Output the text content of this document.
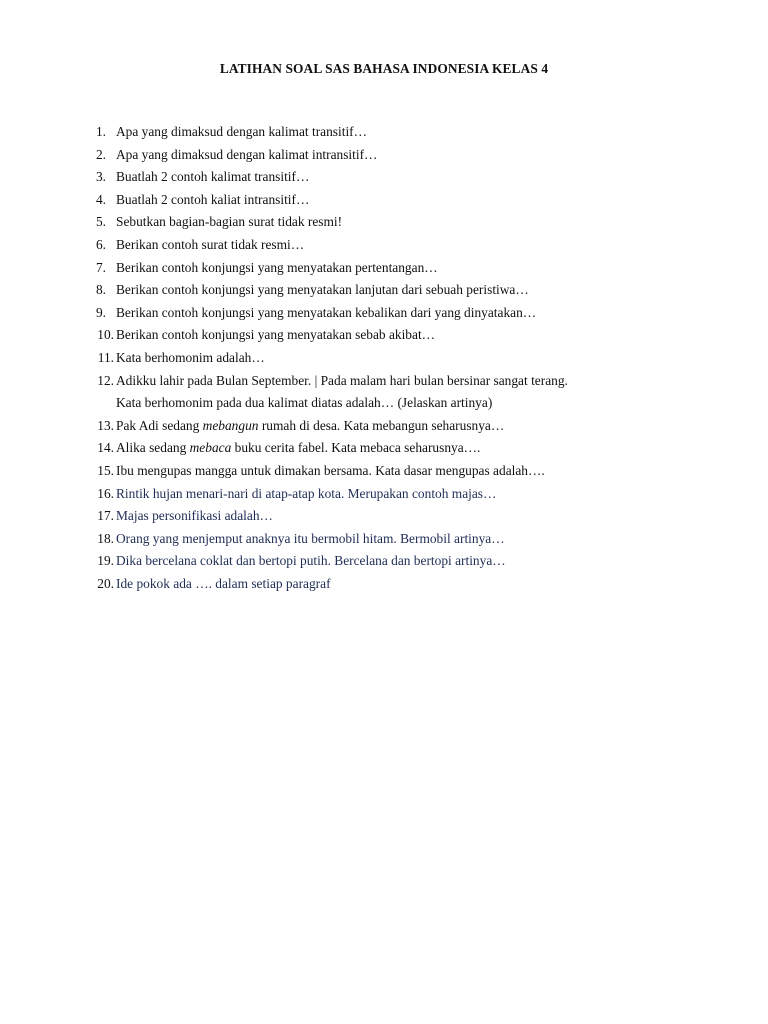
LATIHAN SOAL SAS BAHASA INDONESIA KELAS 4
1. Apa yang dimaksud dengan kalimat transitif…
2. Apa yang dimaksud dengan kalimat intransitif…
3. Buatlah 2 contoh kalimat transitif…
4. Buatlah 2 contoh kaliat intransitif…
5. Sebutkan bagian-bagian surat tidak resmi!
6. Berikan contoh surat tidak resmi…
7. Berikan contoh konjungsi yang menyatakan pertentangan…
8. Berikan contoh konjungsi yang menyatakan lanjutan dari sebuah peristiwa…
9. Berikan contoh konjungsi yang menyatakan kebalikan dari yang dinyatakan…
10. Berikan contoh konjungsi yang menyatakan sebab akibat…
11. Kata berhomonim adalah…
12. Adikku lahir pada Bulan September. | Pada malam hari bulan bersinar sangat terang.
Kata berhomonim pada dua kalimat diatas adalah… (Jelaskan artinya)
13. Pak Adi sedang mebangun rumah di desa. Kata mebangun seharusnya…
14. Alika sedang mebaca buku cerita fabel. Kata mebaca seharusnya….
15. Ibu mengupas mangga untuk dimakan bersama. Kata dasar mengupas adalah….
16. Rintik hujan menari-nari di atap-atap kota. Merupakan contoh majas…
17. Majas personifikasi adalah…
18. Orang yang menjemput anaknya itu bermobil hitam. Bermobil artinya…
19. Dika bercelana coklat dan bertopi putih. Bercelana dan bertopi artinya…
20. Ide pokok ada …. dalam setiap paragraf
